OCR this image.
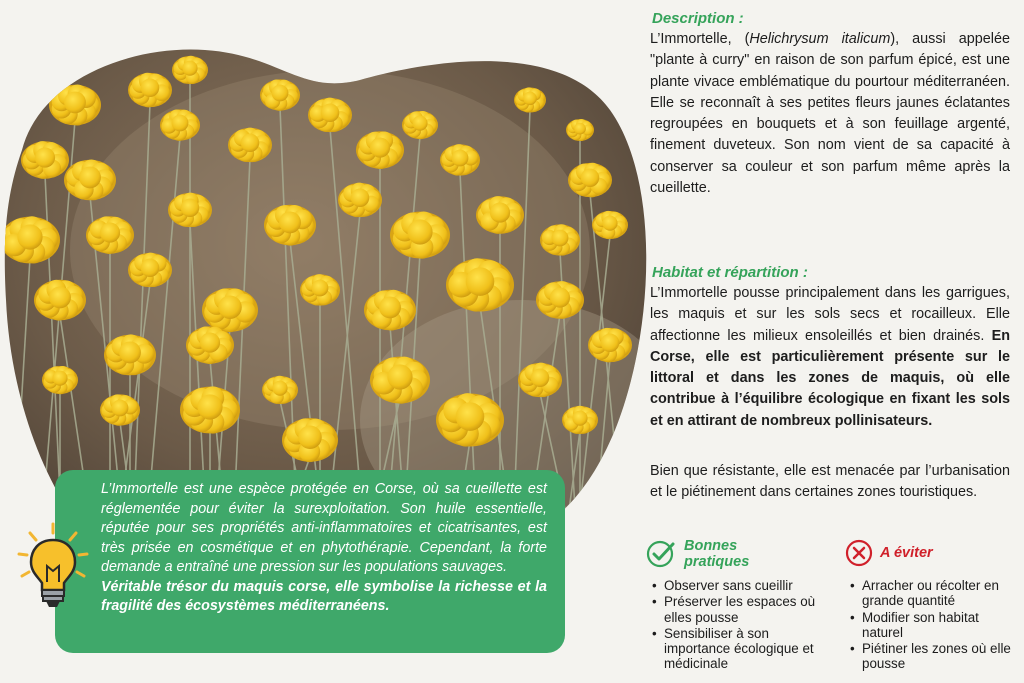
L’Immortelle est une espèce protégée en Corse, où sa cueillette est réglementée pour éviter la surexploitation. Son huile essentielle, réputée pour ses propriétés anti-inflammatoires et cicatrisantes, est très prisée en cosmétique et en phytothérapie. Cependant, la forte demande a entraîné une pression sur les populations sauvages.

Véritable trésor du maquis corse, elle symbolise la richesse et la fragilité des écosystèmes méditerranéens.

Description :

L’Immortelle, (Helichrysum italicum), aussi appelée "plante à curry" en raison de son parfum épicé, est une plante vivace emblématique du pourtour méditerranéen. Elle se reconnaît à ses petites fleurs jaunes éclatantes regroupées en bouquets et à son feuillage argenté, finement duveteux. Son nom vient de sa capacité à conserver sa couleur et son parfum même après la cueillette.

Habitat et répartition :

L’Immortelle pousse principalement dans les garrigues, les maquis et sur les sols secs et rocailleux. Elle affectionne les milieux ensoleillés et bien drainés. En Corse, elle est particulièrement présente sur le littoral et dans les zones de maquis, où elle contribue à l’équilibre écologique en fixant les sols et en attirant de nombreux pollinisateurs.

Bien que résistante, elle est menacée par l’urbanisation et le piétinement dans certaines zones touristiques.

Bonnes
pratiques
• Observer sans cueillir
• Préserver les espaces où elles pousse
• Sensibiliser à son importance écologique et médicinale
A éviter
• Arracher ou récolter en grande quantité
• Modifier son habitat naturel
• Piétiner les zones où elle pousse
